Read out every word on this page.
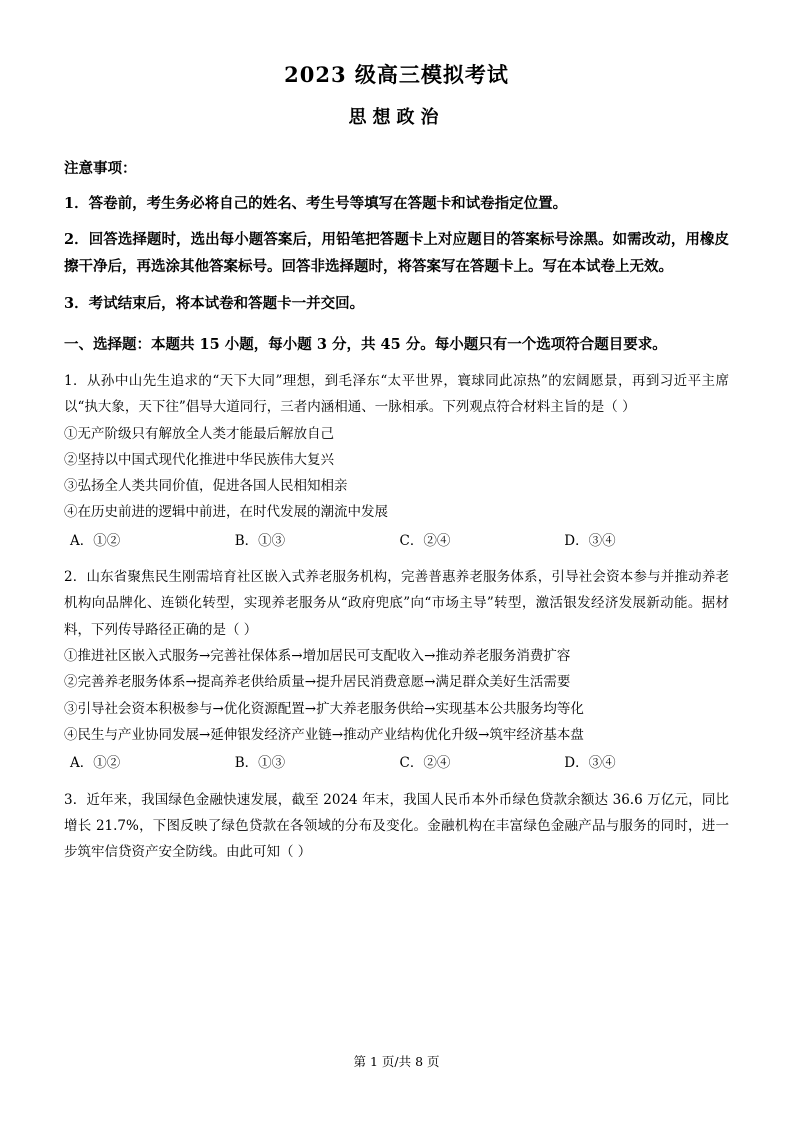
2023 级高三模拟考试
思想政治
注意事项：
1．答卷前，考生务必将自己的姓名、考生号等填写在答题卡和试卷指定位置。
2．回答选择题时，选出每小题答案后，用铅笔把答题卡上对应题目的答案标号涂黑。如需改动，用橡皮擦干净后，再选涂其他答案标号。回答非选择题时，将答案写在答题卡上。写在本试卷上无效。
3．考试结束后，将本试卷和答题卡一并交回。
一、选择题：本题共 15 小题，每小题 3 分，共 45 分。每小题只有一个选项符合题目要求。
1．从孙中山先生追求的“天下大同”理想，到毛泽东“太平世界，寰球同此凉热”的宏阔愿景，再到习近平主席以“执大象，天下往”倡导大道同行，三者内涵相通、一脉相承。下列观点符合材料主旨的是（ ）
①无产阶级只有解放全人类才能最后解放自己
②坚持以中国式现代化推进中华民族伟大复兴
③弘扬全人类共同价值，促进各国人民相知相亲
④在历史前进的逻辑中前进，在时代发展的潮流中发展
A．①②	B．①③	C．②④	D．③④
2．山东省聚焦民生刚需培育社区嵌入式养老服务机构，完善普惠养老服务体系，引导社会资本参与并推动养老机构向品牌化、连锁化转型，实现养老服务从“政府兜底”向“市场主导”转型，激活银发经济发展新动能。据材料，下列传导路径正确的是（ ）
①推进社区嵌入式服务→完善社保体系→增加居民可支配收入→推动养老服务消费扩容
②完善养老服务体系→提高养老供给质量→提升居民消费意愿→满足群众美好生活需要
③引导社会资本积极参与→优化资源配置→扩大养老服务供给→实现基本公共服务均等化
④民生与产业协同发展→延伸银发经济产业链→推动产业结构优化升级→筑牢经济基本盘
A．①②	B．①③	C．②④	D．③④
3．近年来，我国绿色金融快速发展，截至 2024 年末，我国人民币本外币绿色贷款余额达 36.6 万亿元，同比增长 21.7%，下图反映了绿色贷款在各领域的分布及变化。金融机构在丰富绿色金融产品与服务的同时，进一步筑牢信贷资产安全防线。由此可知（ ）
第 1 页/共 8 页
